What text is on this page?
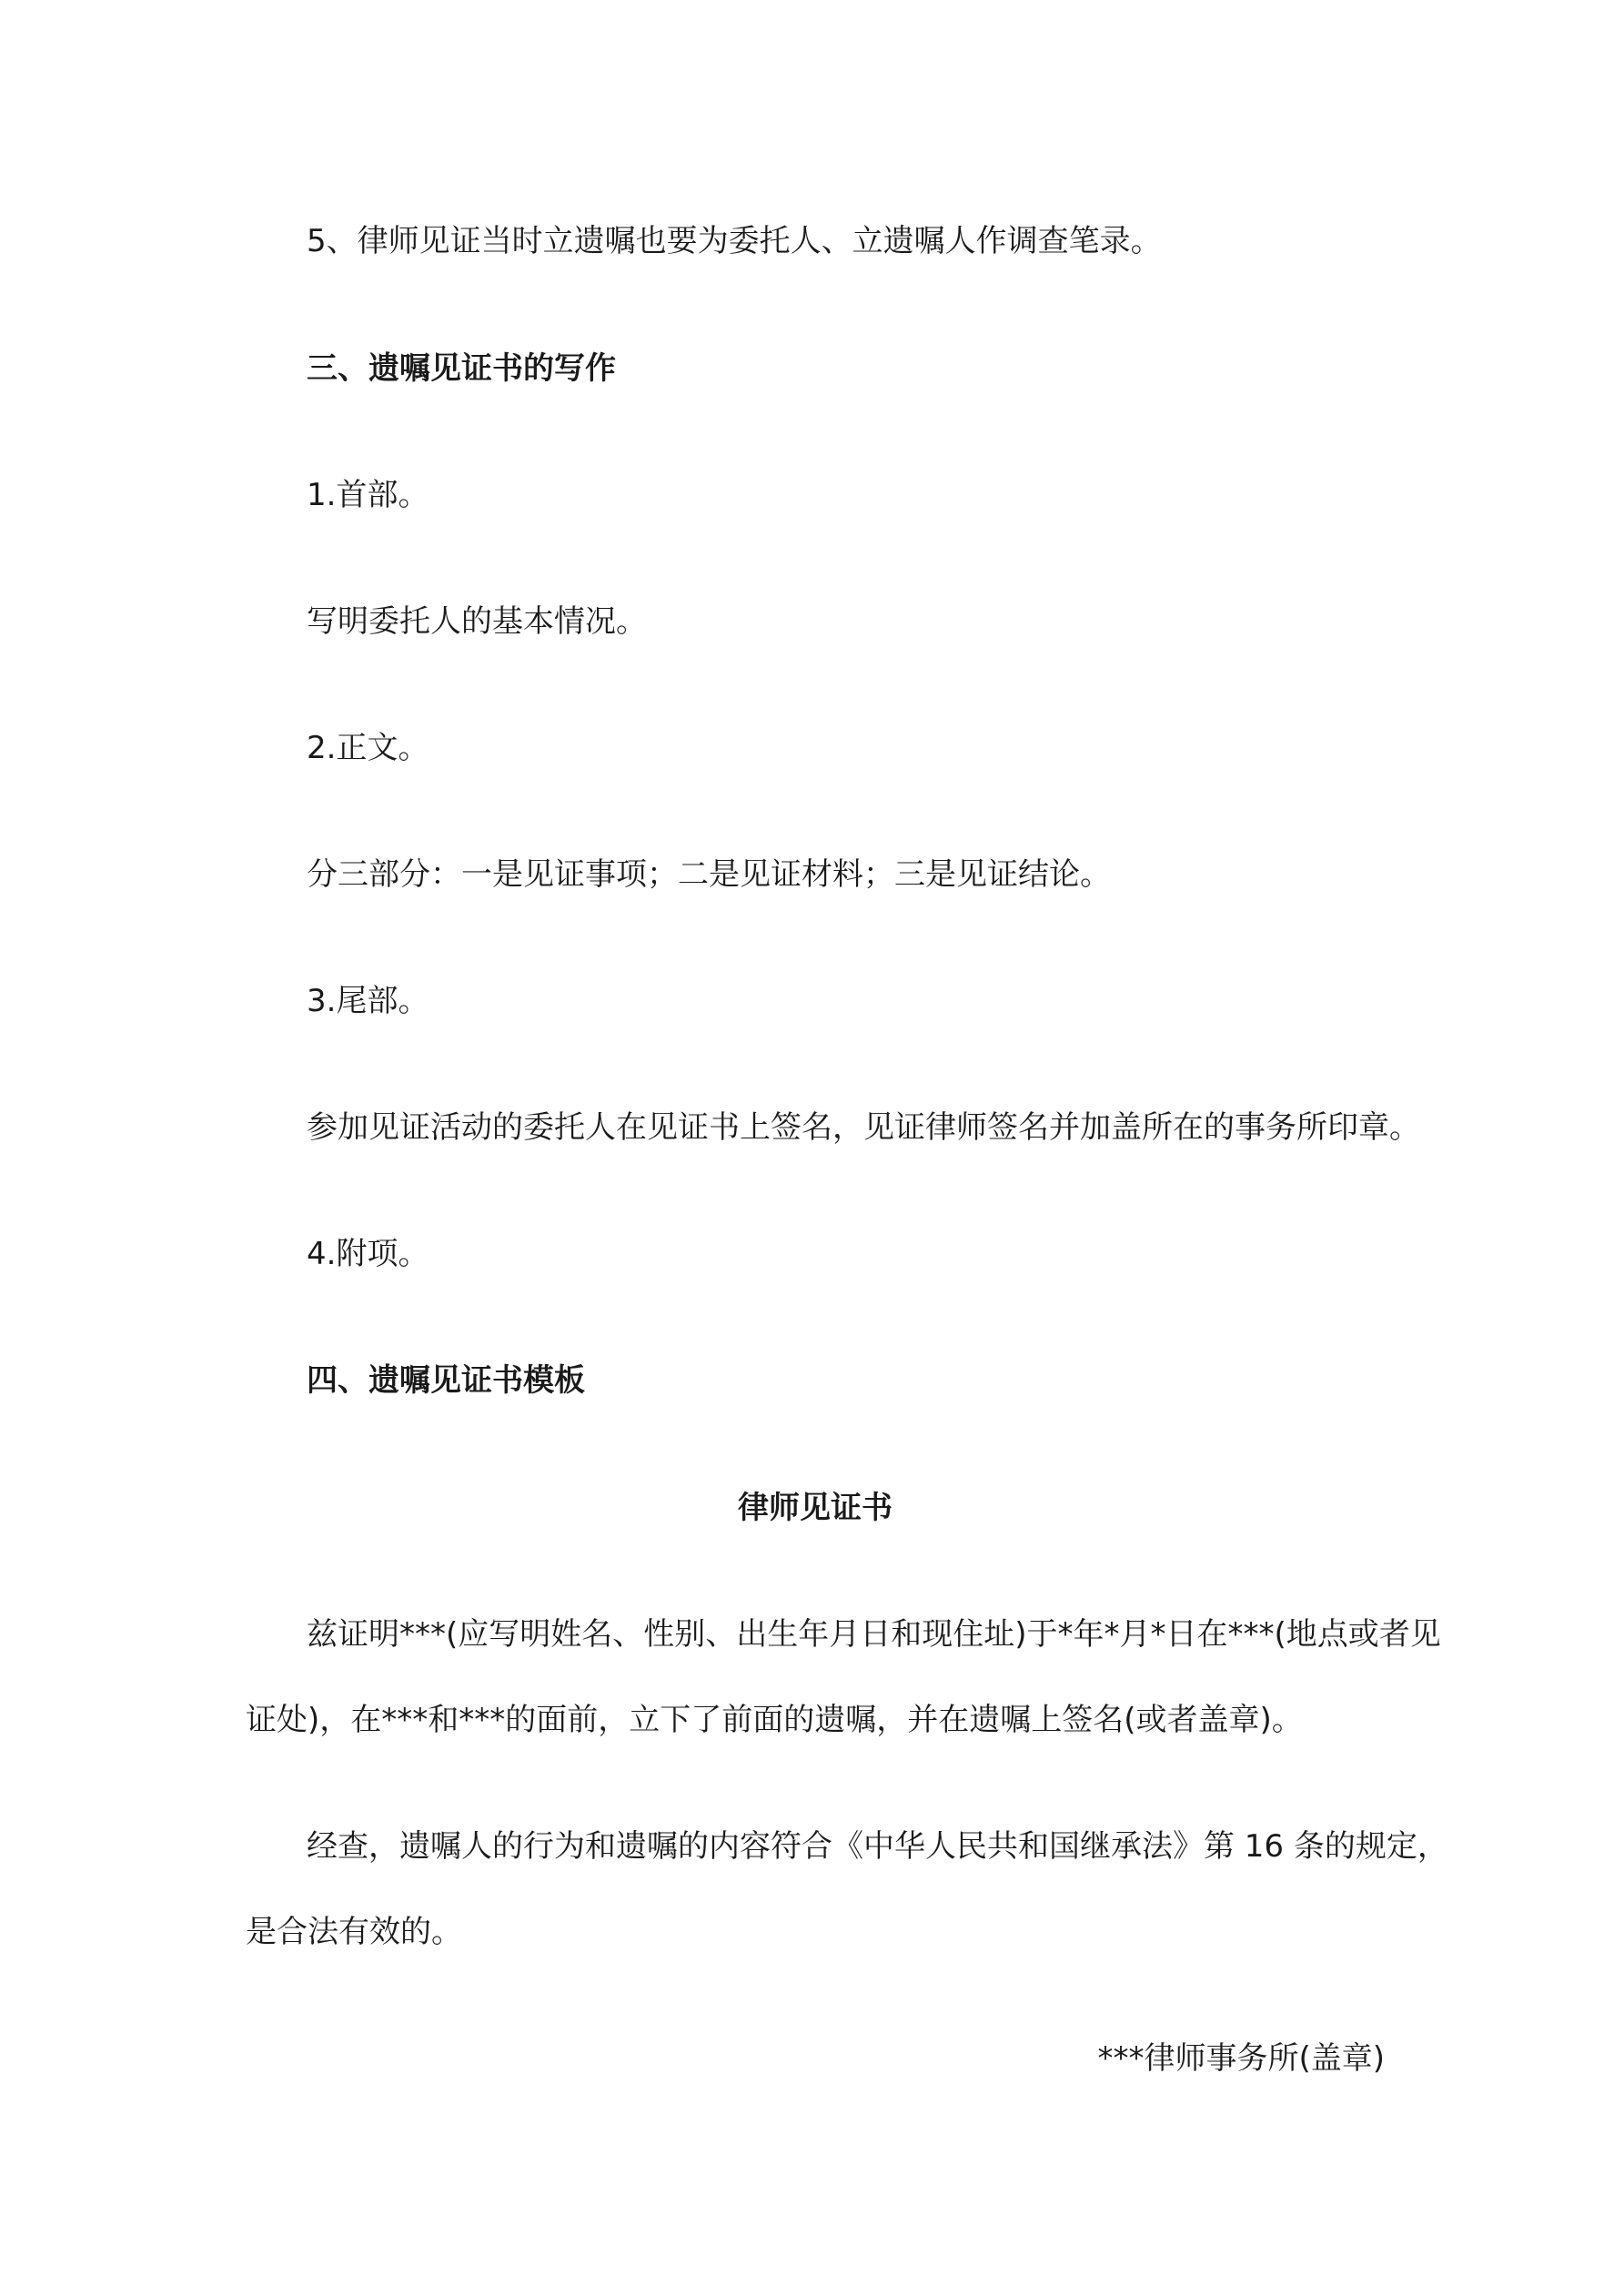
5、律师见证当时立遗嘱也要为委托人、立遗嘱人作调查笔录。
三、遗嘱见证书的写作
1.首部。
写明委托人的基本情况。
2.正文。
分三部分：一是见证事项；二是见证材料；三是见证结论。
3.尾部。
参加见证活动的委托人在见证书上签名，见证律师签名并加盖所在的事务所印章。
4.附项。
四、遗嘱见证书模板
律师见证书
兹证明***(应写明姓名、性别、出生年月日和现住址)于*年*月*日在***(地点或者见
证处)，在***和***的面前，立下了前面的遗嘱，并在遗嘱上签名(或者盖章)。
经查，遗嘱人的行为和遗嘱的内容符合《中华人民共和国继承法》第 16 条的规定，
是合法有效的。
***律师事务所(盖章)
